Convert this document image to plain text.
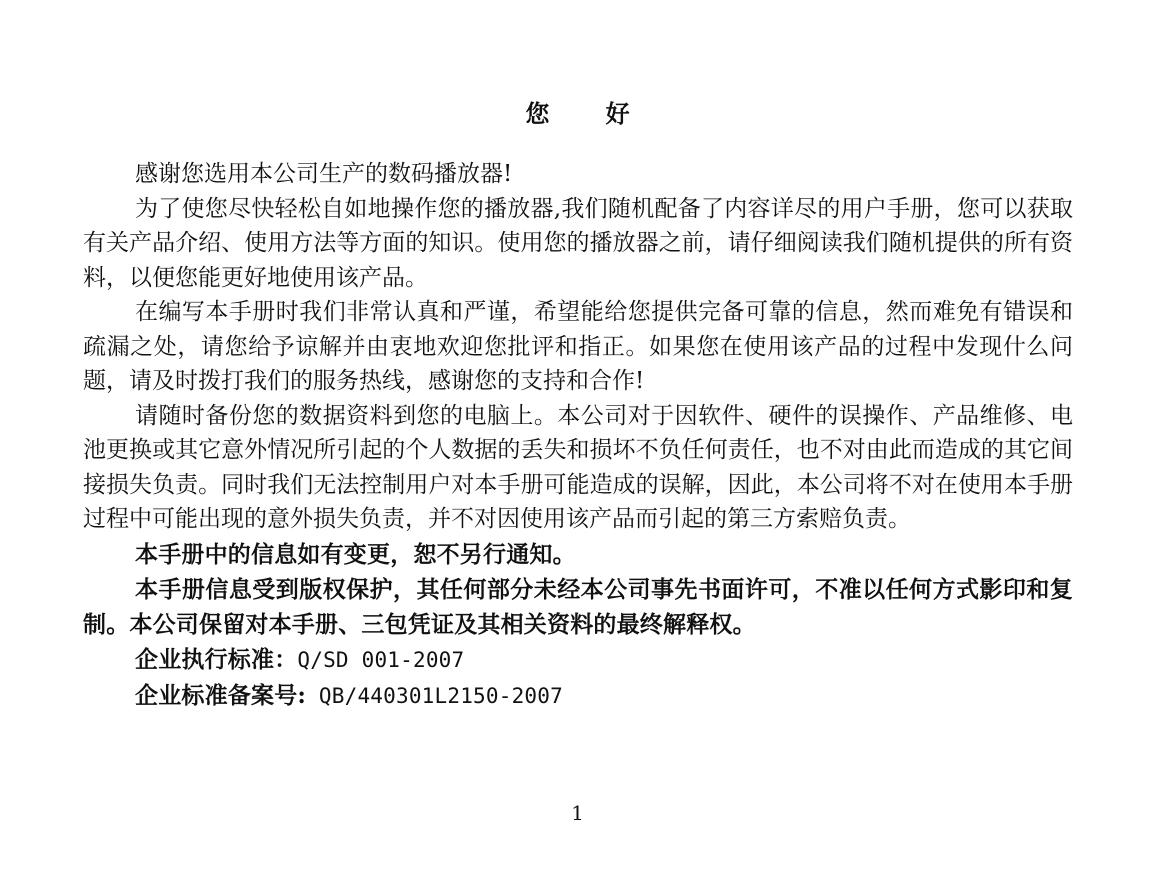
您 好

感谢您选用本公司生产的数码播放器!

为了使您尽快轻松自如地操作您的播放器,我们随机配备了内容详尽的用户手册，您可以获取有关产品介绍、使用方法等方面的知识。使用您的播放器之前，请仔细阅读我们随机提供的所有资料，以便您能更好地使用该产品。

在编写本手册时我们非常认真和严谨，希望能给您提供完备可靠的信息，然而难免有错误和疏漏之处，请您给予谅解并由衷地欢迎您批评和指正。如果您在使用该产品的过程中发现什么问题，请及时拨打我们的服务热线，感谢您的支持和合作!

请随时备份您的数据资料到您的电脑上。本公司对于因软件、硬件的误操作、产品维修、电池更换或其它意外情况所引起的个人数据的丢失和损坏不负任何责任，也不对由此而造成的其它间接损失负责。同时我们无法控制用户对本手册可能造成的误解，因此，本公司将不对在使用本手册过程中可能出现的意外损失负责，并不对因使用该产品而引起的第三方索赔负责。

本手册中的信息如有变更，恕不另行通知。

本手册信息受到版权保护，其任何部分未经本公司事先书面许可，不准以任何方式影印和复制。本公司保留对本手册、三包凭证及其相关资料的最终解释权。

企业执行标准：Q/SD 001-2007

企业标准备案号: QB/440301L2150-2007

1
